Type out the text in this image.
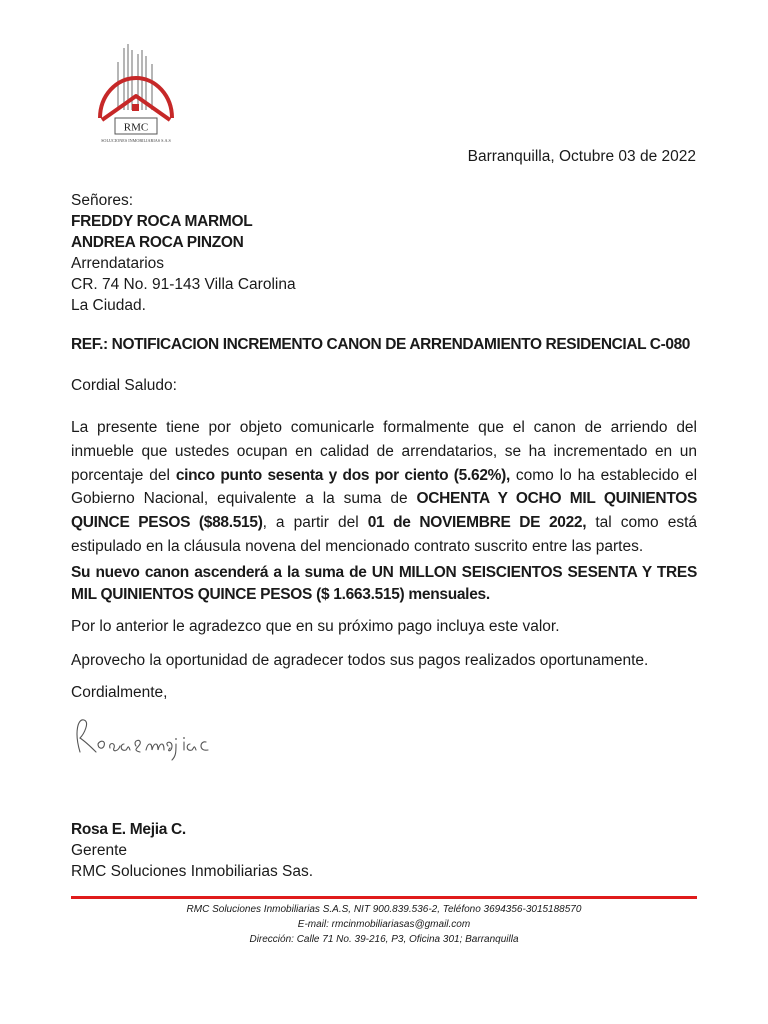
RMC
SOLUCIONES INMOBILIARIAS S.A.S
Barranquilla, Octubre 03 de 2022
Señores:
FREDDY ROCA MARMOL
ANDREA ROCA PINZON
Arrendatarios
CR. 74 No. 91-143 Villa Carolina
La Ciudad.
REF.: NOTIFICACION INCREMENTO CANON DE ARRENDAMIENTO RESIDENCIAL C-080
Cordial Saludo:
La presente tiene por objeto comunicarle formalmente que el canon de arriendo del inmueble que ustedes ocupan en calidad de arrendatarios, se ha incrementado en un porcentaje del cinco punto sesenta y dos por ciento (5.62%), como lo ha establecido el Gobierno Nacional, equivalente a la suma de OCHENTA Y OCHO MIL QUINIENTOS QUINCE PESOS ($88.515), a partir del 01 de NOVIEMBRE DE 2022, tal como está estipulado en la cláusula novena del mencionado contrato suscrito entre las partes.
Su nuevo canon ascenderá a la suma de UN MILLON SEISCIENTOS SESENTA Y TRES MIL QUINIENTOS QUINCE PESOS ($ 1.663.515) mensuales.
Por lo anterior le agradezco que en su próximo pago incluya este valor.
Aprovecho la oportunidad de agradecer todos sus pagos realizados oportunamente.
Cordialmente,
Rosa E. Mejia C.
Gerente
RMC Soluciones Inmobiliarias Sas.
RMC Soluciones Inmobiliarias S.A.S, NIT 900.839.536-2, Teléfono 3694356-3015188570
E-mail: rmcinmobiliariasas@gmail.com
Dirección: Calle 71 No. 39-216, P3, Oficina 301; Barranquilla
